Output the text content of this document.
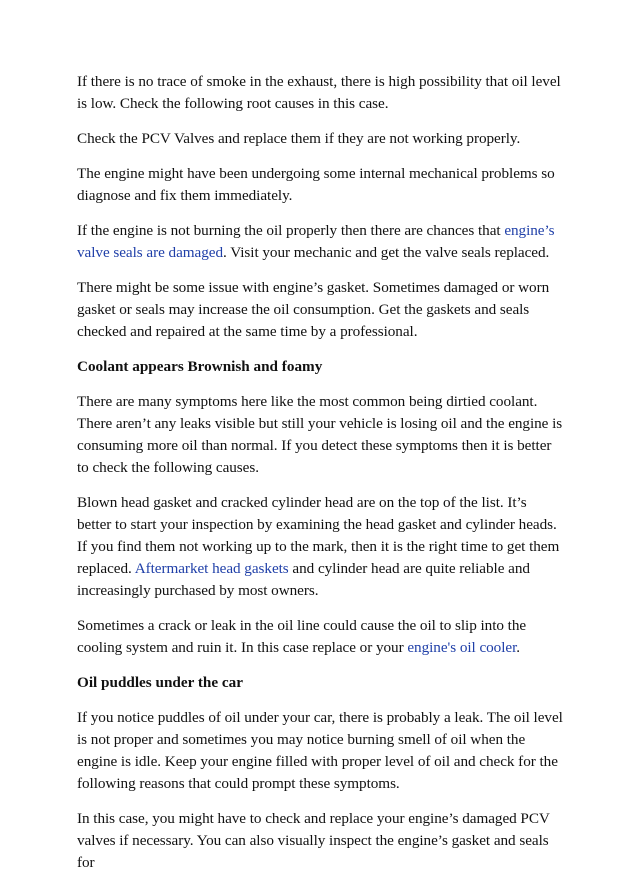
If there is no trace of smoke in the exhaust, there is high possibility that oil level is low. Check the following root causes in this case.

Check the PCV Valves and replace them if they are not working properly.

The engine might have been undergoing some internal mechanical problems so diagnose and fix them immediately.

If the engine is not burning the oil properly then there are chances that engine’s valve seals are damaged. Visit your mechanic and get the valve seals replaced.

There might be some issue with engine’s gasket. Sometimes damaged or worn gasket or seals may increase the oil consumption. Get the gaskets and seals checked and repaired at the same time by a professional.

Coolant appears Brownish and foamy

There are many symptoms here like the most common being dirtied coolant. There aren’t any leaks visible but still your vehicle is losing oil and the engine is consuming more oil than normal. If you detect these symptoms then it is better to check the following causes.

Blown head gasket and cracked cylinder head are on the top of the list. It’s better to start your inspection by examining the head gasket and cylinder heads. If you find them not working up to the mark, then it is the right time to get them replaced. Aftermarket head gaskets and cylinder head are quite reliable and increasingly purchased by most owners.

Sometimes a crack or leak in the oil line could cause the oil to slip into the cooling system and ruin it. In this case replace or your engine's oil cooler.

Oil puddles under the car

If you notice puddles of oil under your car, there is probably a leak. The oil level is not proper and sometimes you may notice burning smell of oil when the engine is idle. Keep your engine filled with proper level of oil and check for the following reasons that could prompt these symptoms.

In this case, you might have to check and replace your engine’s damaged PCV valves if necessary. You can also visually inspect the engine’s gasket and seals for
